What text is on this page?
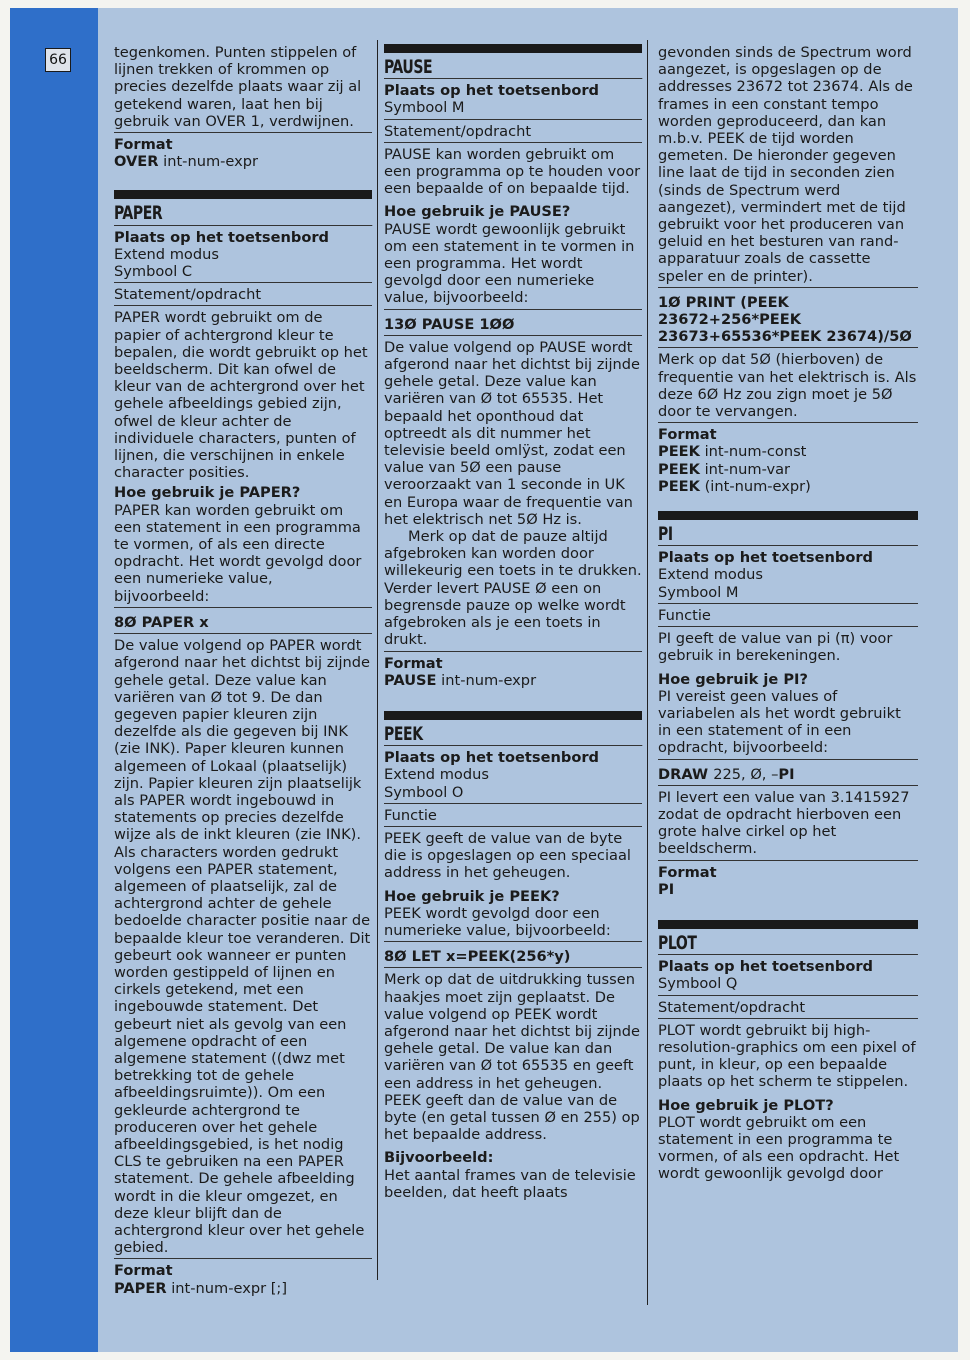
66	tegenkomen. Punten stippelen of lijnen trekken of krommen op precies dezelfde plaats waar zij al getekend waren, laat hen bij gebruik van OVER 1, verdwijnen.

Format

OVER int-num-expr

PAPER

Plaats op het toetsenbord

Extend modus

Symbool C

Statement/opdracht

PAPER wordt gebruikt om de papier of achtergrond kleur te bepalen, die wordt gebruikt op het beeldscherm. Dit kan ofwel de kleur van de achtergrond over het gehele afbeeldings gebied zijn, ofwel de kleur achter de individuele characters, punten of lijnen, die verschijnen in enkele character posities.

Hoe gebruik je PAPER?

PAPER kan worden gebruikt om een statement in een programma te vormen, of als een directe opdracht. Het wordt gevolgd door een numerieke value, bijvoorbeeld:

8Ø PAPER x

De value volgend op PAPER wordt afgerond naar het dichtst bij zijnde gehele getal. Deze value kan variëren van Ø tot 9. De dan gegeven papier kleuren zijn dezelfde als die gegeven bij INK (zie INK). Paper kleuren kunnen algemeen of Lokaal (plaatselijk) zijn. Papier kleuren zijn plaatselijk als PAPER wordt ingebouwd in statements op precies dezelfde wijze als de inkt kleuren (zie INK). Als characters worden gedrukt volgens een PAPER statement, algemeen of plaatselijk, zal de achtergrond achter de gehele bedoelde character positie naar de bepaalde kleur toe veranderen. Dit gebeurt ook wanneer er punten worden gestippeld of lijnen en cirkels getekend, met een ingebouwde statement. Det gebeurt niet als gevolg van een algemene opdracht of een algemene statement ((dwz met betrekking tot de gehele afbeeldingsruimte)). Om een gekleurde achtergrond te produceren over het gehele afbeeldingsgebied, is het nodig CLS te gebruiken na een PAPER statement. De gehele afbeelding wordt in die kleur omgezet, en deze kleur blijft dan de achtergrond kleur over het gehele gebied.

Format

PAPER int-num-expr [;]

PAUSE

Plaats op het toetsenbord

Symbool M

Statement/opdracht

PAUSE kan worden gebruikt om een programma op te houden voor een bepaalde of on bepaalde tijd.

Hoe gebruik je PAUSE?

PAUSE wordt gewoonlijk gebruikt om een statement in te vormen in een programma. Het wordt gevolgd door een numerieke value, bijvoorbeeld:

13Ø PAUSE 1ØØ

De value volgend op PAUSE wordt afgerond naar het dichtst bij zijnde gehele getal. Deze value kan variëren van Ø tot 65535. Het bepaald het oponthoud dat optreedt als dit nummer het televisie beeld omlÿst, zodat een value van 5Ø een pause veroorzaakt van 1 seconde in UK en Europa waar de frequentie van het elektrisch net 5Ø Hz is.

Merk op dat de pauze altijd afgebroken kan worden door willekeurig een toets in te drukken. Verder levert PAUSE Ø een on begrensde pauze op welke wordt afgebroken als je een toets in drukt.

Format

PAUSE int-num-expr

PEEK

Plaats op het toetsenbord

Extend modus

Symbool O

Functie

PEEK geeft de value van de byte die is opgeslagen op een speciaal address in het geheugen.

Hoe gebruik je PEEK?

PEEK wordt gevolgd door een numerieke value, bijvoorbeeld:

8Ø LET x=PEEK(256*y)

Merk op dat de uitdrukking tussen haakjes moet zijn geplaatst. De value volgend op PEEK wordt afgerond naar het dichtst bij zijnde gehele getal. De value kan dan variëren van Ø tot 65535 en geeft een address in het geheugen. PEEK geeft dan de value van de byte (en getal tussen Ø en 255) op het bepaalde address.

Bijvoorbeeld:

Het aantal frames van de televisie beelden, dat heeft plaats

gevonden sinds de Spectrum word aangezet, is opgeslagen op de addresses 23672 tot 23674. Als de frames in een constant tempo worden geproduceerd, dan kan m.b.v. PEEK de tijd worden gemeten. De hieronder gegeven line laat de tijd in seconden zien (sinds de Spectrum werd aangezet), vermindert met de tijd gebruikt voor het produceren van geluid en het besturen van rand-apparatuur zoals de cassette speler en de printer).

1Ø PRINT (PEEK 23672+256*PEEK 23673+65536*PEEK 23674)/5Ø

Merk op dat 5Ø (hierboven) de frequentie van het elektrisch is. Als deze 6Ø Hz zou zign moet je 5Ø door te vervangen.

Format

PEEK int-num-const

PEEK int-num-var

PEEK (int-num-expr)

PI

Plaats op het toetsenbord

Extend modus

Symbool M

Functie

PI geeft de value van pi (π) voor gebruik in berekeningen.

Hoe gebruik je PI?

PI vereist geen values of variabelen als het wordt gebruikt in een statement of in een opdracht, bijvoorbeeld:

DRAW 225, Ø, –PI

PI levert een value van 3.1415927 zodat de opdracht hierboven een grote halve cirkel op het beeldscherm.

Format

PI

PLOT

Plaats op het toetsenbord

Symbool Q

Statement/opdracht

PLOT wordt gebruikt bij high-resolution-graphics om een pixel of punt, in kleur, op een bepaalde plaats op het scherm te stippelen.

Hoe gebruik je PLOT?

PLOT wordt gebruikt om een statement in een programma te vormen, of als een opdracht. Het wordt gewoonlijk gevolgd door
